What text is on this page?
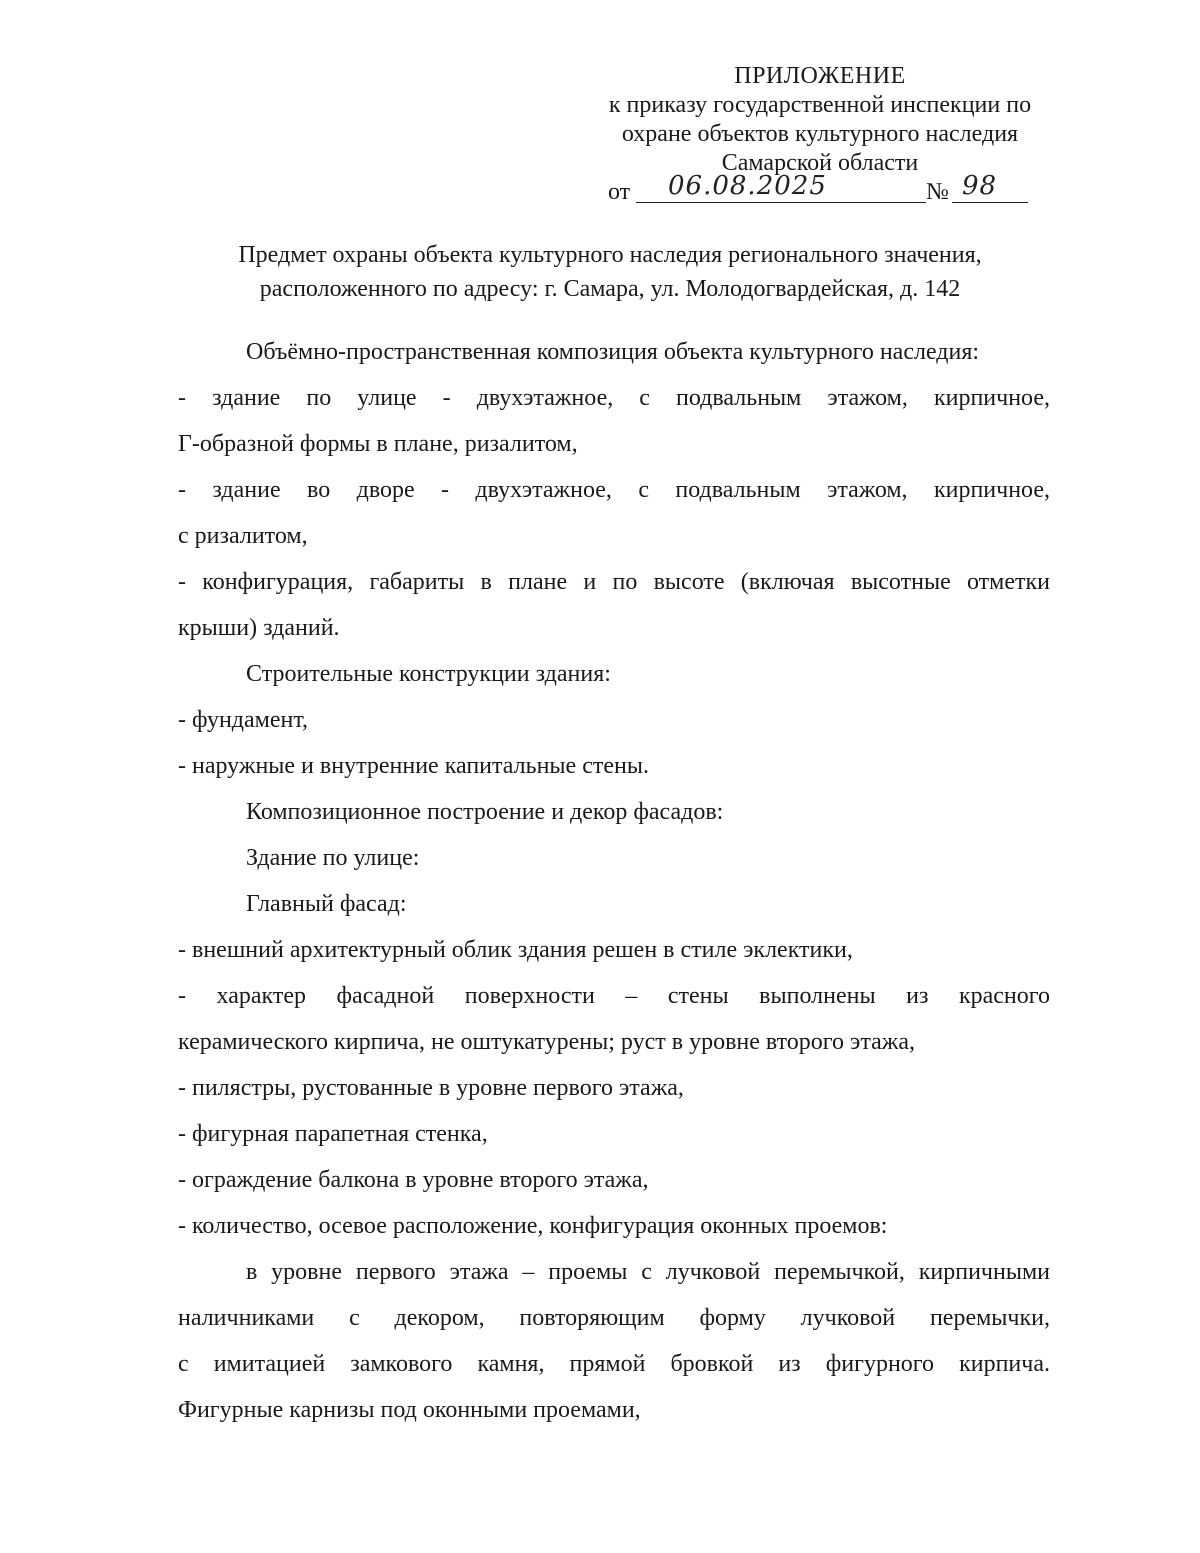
ПРИЛОЖЕНИЕ
к приказу государственной инспекции по
охране объектов культурного наследия
Самарской области
от 06.08.2025	№ 98
Предмет охраны объекта культурного наследия регионального значения,
расположенного по адресу: г. Самара, ул. Молодогвардейская, д. 142
Объёмно-пространственная композиция объекта культурного наследия:
- здание по улице - двухэтажное, с подвальным этажом, кирпичное,
Г-образной формы в плане, ризалитом,
- здание во дворе - двухэтажное, с подвальным этажом, кирпичное,
с ризалитом,
- конфигурация, габариты в плане и по высоте (включая высотные отметки
крыши) зданий.
Строительные конструкции здания:
- фундамент,
- наружные и внутренние капитальные стены.
Композиционное построение и декор фасадов:
Здание по улице:
Главный фасад:
- внешний архитектурный облик здания решен в стиле эклектики,
- характер фасадной поверхности – стены выполнены из красного
керамического кирпича, не оштукатурены; руст в уровне второго этажа,
- пилястры, рустованные в уровне первого этажа,
- фигурная парапетная стенка,
- ограждение балкона в уровне второго этажа,
- количество, осевое расположение, конфигурация оконных проемов:
в уровне первого этажа – проемы с лучковой перемычкой, кирпичными
наличниками с декором, повторяющим форму лучковой перемычки,
с имитацией замкового камня, прямой бровкой из фигурного кирпича.
Фигурные карнизы под оконными проемами,
